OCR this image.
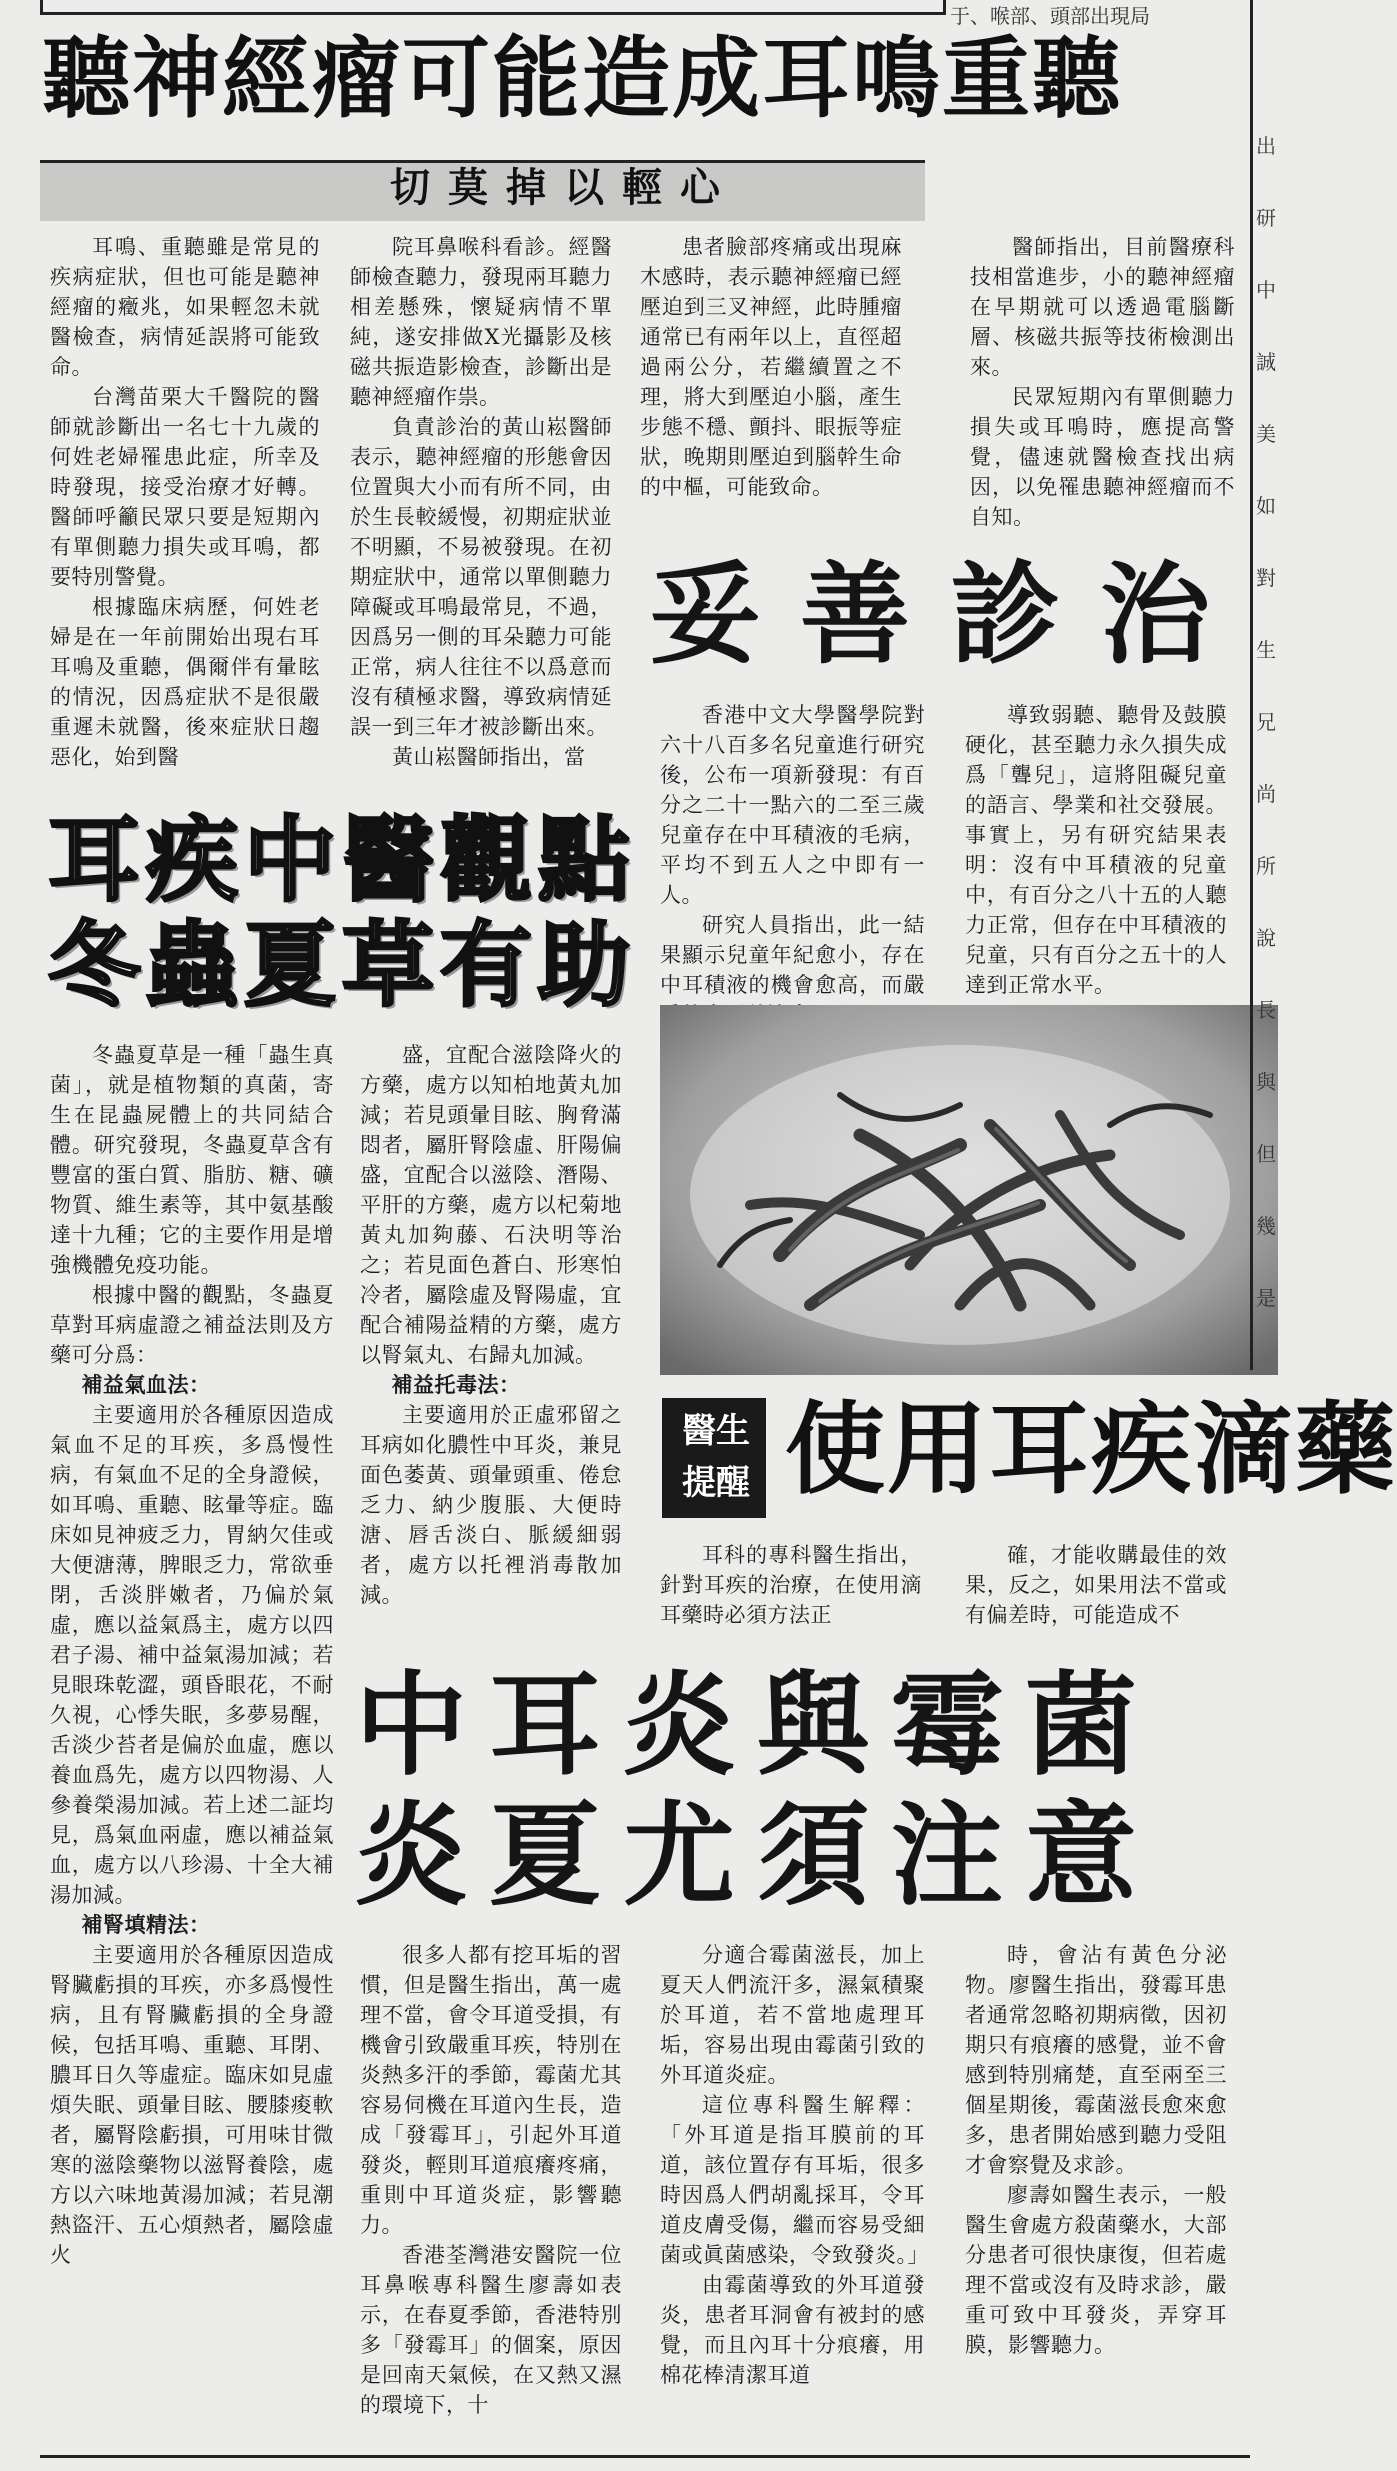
于、喉部、頭部出現局
聽神經瘤可能造成耳鳴重聽
切莫掉以輕心

耳鳴、重聽雖是常見的疾病症狀，但也可能是聽神經瘤的癥兆，如果輕忽未就醫檢查，病情延誤將可能致命。

台灣苗栗大千醫院的醫師就診斷出一名七十九歲的何姓老婦罹患此症，所幸及時發現，接受治療才好轉。醫師呼籲民眾只要是短期內有單側聽力損失或耳鳴，都要特別警覺。

根據臨床病歷，何姓老婦是在一年前開始出現右耳耳鳴及重聽，偶爾伴有暈眩的情況，因爲症狀不是很嚴重遲未就醫，後來症狀日趨惡化，始到醫

院耳鼻喉科看診。經醫師檢查聽力，發現兩耳聽力相差懸殊，懷疑病情不單純，遂安排做X光攝影及核磁共振造影檢查，診斷出是聽神經瘤作祟。

負責診治的黃山崧醫師表示，聽神經瘤的形態會因位置與大小而有所不同，由於生長較緩慢，初期症狀並不明顯，不易被發現。在初期症狀中，通常以單側聽力障礙或耳鳴最常見，不過，因爲另一側的耳朵聽力可能正常，病人往往不以爲意而沒有積極求醫，導致病情延誤一到三年才被診斷出來。

黃山崧醫師指出，當

患者臉部疼痛或出現麻木感時，表示聽神經瘤已經壓迫到三叉神經，此時腫瘤通常已有兩年以上，直徑超過兩公分，若繼續置之不理，將大到壓迫小腦，產生步態不穩、顫抖、眼振等症狀，晚期則壓迫到腦幹生命的中樞，可能致命。

醫師指出，目前醫療科技相當進步，小的聽神經瘤在早期就可以透過電腦斷層、核磁共振等技術檢測出來。

民眾短期內有單側聽力損失或耳鳴時，應提高警覺，儘速就醫檢查找出病因，以免罹患聽神經瘤而不自知。

妥善診治

香港中文大學醫學院對六十八百多名兒童進行研究後，公布一項新發現：有百分之二十一點六的二至三歲兒童存在中耳積液的毛病，平均不到五人之中即有一人。

研究人員指出，此一結果顯示兒童年紀愈小，存在中耳積液的機會愈高，而嚴

導致弱聽、聽骨及鼓膜硬化，甚至聽力永久損失成爲「聾兒」，這將阻礙兒童的語言、學業和社交發展。事實上，另有研究結果表明：沒有中耳積液的兒童中，有百分之八十五的人聽力正常，但存在中耳積液的兒童，只有百分之五十的人達到正常水平。

耳疾中醫觀點
冬蟲夏草有助

冬蟲夏草是一種「蟲生真菌」，就是植物類的真菌，寄生在昆蟲屍體上的共同結合體。研究發現，冬蟲夏草含有豐富的蛋白質、脂肪、糖、礦物質、維生素等，其中氨基酸達十九種；它的主要作用是增強機體免疫功能。

根據中醫的觀點，冬蟲夏草對耳病虛證之補益法則及方藥可分爲：

補益氣血法：

主要適用於各種原因造成氣血不足的耳疾，多爲慢性病，有氣血不足的全身證候，如耳鳴、重聽、眩暈等症。臨床如見神疲乏力，胃納欠佳或大便溏薄，脾眼乏力，常欲垂閉，舌淡胖嫩者，乃偏於氣虛，應以益氣爲主，處方以四君子湯、補中益氣湯加減；若見眼珠乾澀，頭昏眼花，不耐久視，心悸失眠，多夢易醒，舌淡少苔者是偏於血虛，應以養血爲先，處方以四物湯、人參養榮湯加減。若上述二証均見，爲氣血兩虛，應以補益氣血，處方以八珍湯、十全大補湯加減。

補腎填精法：

主要適用於各種原因造成腎臟虧損的耳疾，亦多爲慢性病，且有腎臟虧損的全身證候，包括耳鳴、重聽、耳閉、膿耳日久等虛症。臨床如見虛煩失眠、頭暈目眩、腰膝痠軟者，屬腎陰虧損，可用味甘微寒的滋陰藥物以滋腎養陰，處方以六味地黃湯加減；若見潮熱盜汗、五心煩熱者，屬陰虛火

盛，宜配合滋陰降火的方藥，處方以知柏地黃丸加減；若見頭暈目眩、胸脅滿悶者，屬肝腎陰虛、肝陽偏盛，宜配合以滋陰、潛陽、平肝的方藥，處方以杞菊地黃丸加夠藤、石決明等治之；若見面色蒼白、形寒怕冷者，屬陰虛及腎陽虛，宜配合補陽益精的方藥，處方以腎氣丸、右歸丸加減。

補益托毒法：

主要適用於正虛邪留之耳病如化膿性中耳炎，兼見面色萎黃、頭暈頭重、倦怠乏力、納少腹脹、大便時溏、唇舌淡白、脈緩細弱者，處方以托裡消毒散加減。

醫生提醒 使用耳疾滴藥

耳科的專科醫生指出，針對耳疾的治療，在使用滴耳藥時必須方法正

確，才能收購最佳的效果，反之，如果用法不當或有偏差時，可能造成不

中耳炎與霉菌
炎夏尤須注意

很多人都有挖耳垢的習慣，但是醫生指出，萬一處理不當，會令耳道受損，有機會引致嚴重耳疾，特別在炎熱多汗的季節，霉菌尤其容易伺機在耳道內生長，造成「發霉耳」，引起外耳道發炎，輕則耳道痕癢疼痛，重則中耳道炎症，影響聽力。

香港荃灣港安醫院一位耳鼻喉專科醫生廖壽如表示，在春夏季節，香港特別多「發霉耳」的個案，原因是回南天氣候，在又熱又濕的環境下，十

分適合霉菌滋長，加上夏天人們流汗多，濕氣積聚於耳道，若不當地處理耳垢，容易出現由霉菌引致的外耳道炎症。

這位專科醫生解釋：「外耳道是指耳膜前的耳道，該位置存有耳垢，很多時因爲人們胡亂採耳，令耳道皮膚受傷，繼而容易受細菌或眞菌感染，令致發炎。」

由霉菌導致的外耳道發炎，患者耳洞會有被封的感覺，而且內耳十分痕癢，用棉花棒清潔耳道

時，會沾有黃色分泌物。廖醫生指出，發霉耳患者通常忽略初期病徵，因初期只有痕癢的感覺，並不會感到特別痛楚，直至兩至三個星期後，霉菌滋長愈來愈多，患者開始感到聽力受阻才會察覺及求診。

廖壽如醫生表示，一般醫生會處方殺菌藥水，大部分患者可很快康復，但若處理不當或沒有及時求診，嚴重可致中耳發炎，弄穿耳膜，影響聽力。

出研中誠美如對生兄尚所說長與但幾是
